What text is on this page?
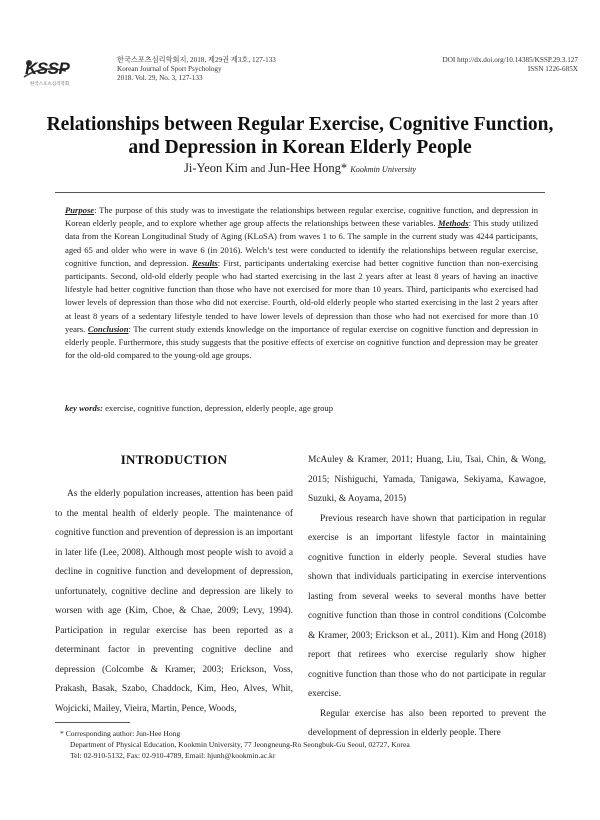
KSSP
한국스포츠심리학회
한국스포츠심리학회지, 2018, 제29권 제3호, 127-133
Korean Journal of Sport Psychology
2018. Vol. 29, No. 3, 127-133
DOI http://dx.doi.org/10.14385/KSSP.29.3.127
ISSN 1226-685X
Relationships between Regular Exercise, Cognitive Function,
and Depression in Korean Elderly People
Ji-Yeon Kim and Jun-Hee Hong* Kookmin University

Purpose: The purpose of this study was to investigate the relationships between regular exercise, cognitive function, and depression in Korean elderly people, and to explore whether age group affects the relationships between these variables. Methods: This study utilized data from the Korean Longitudinal Study of Aging (KLoSA) from waves 1 to 6. The sample in the current study was 4244 participants, aged 65 and older who were in wave 6 (in 2016). Welch’s test were conducted to identify the relationships between regular exercise, cognitive function, and depression. Results: First, participants undertaking exercise had better cognitive function than non-exercising participants. Second, old-old elderly people who had started exercising in the last 2 years after at least 8 years of having an inactive lifestyle had better cognitive function than those who have not exercised for more than 10 years. Third, participants who exercised had lower levels of depression than those who did not exercise. Fourth, old-old elderly people who started exercising in the last 2 years after at least 8 years of a sedentary lifestyle tended to have lower levels of depression than those who had not exercised for more than 10 years. Conclusion: The current study extends knowledge on the importance of regular exercise on cognitive function and depression in elderly people. Furthermore, this study suggests that the positive effects of exercise on cognitive function and depression may be greater for the old-old compared to the young-old age groups.

key words: exercise, cognitive function, depression, elderly people, age group
INTRODUCTION

As the elderly population increases, attention has been paid to the mental health of elderly people. The maintenance of cognitive function and prevention of depression is an important in later life (Lee, 2008). Although most people wish to avoid a decline in cognitive function and development of depression, unfortunately, cognitive decline and depression are likely to worsen with age (Kim, Choe, & Chae, 2009; Levy, 1994). Participation in regular exercise has been reported as a determinant factor in preventing cognitive decline and depression (Colcombe & Kramer, 2003; Erickson, Voss, Prakash, Basak, Szabo, Chaddock, Kim, Heo, Alves, Whit, Wojcicki, Mailey, Vieira, Martin, Pence, Woods,

McAuley & Kramer, 2011; Huang, Liu, Tsai, Chin, & Wong, 2015; Nishiguchi, Yamada, Tanigawa, Sekiyama, Kawagoe, Suzuki, & Aoyama, 2015)

Previous research have shown that participation in regular exercise is an important lifestyle factor in maintaining cognitive function in elderly people. Several studies have shown that individuals participating in exercise interventions lasting from several weeks to several months have better cognitive function than those in control conditions (Colcombe & Kramer, 2003; Erickson et al., 2011). Kim and Hong (2018) report that retirees who exercise regularly show higher cognitive function than those who do not participate in regular exercise.

Regular exercise has also been reported to prevent the development of depression in elderly people. There

* Corresponding author: Jun-Hee Hong
Department of Physical Education, Kookmin University, 77 Jeongneung-Ro Seongbuk-Gu Seoul, 02727, Korea
Tel: 02-910-5132, Fax: 02-910-4789, Email: hjunh@kookmin.ac.kr
